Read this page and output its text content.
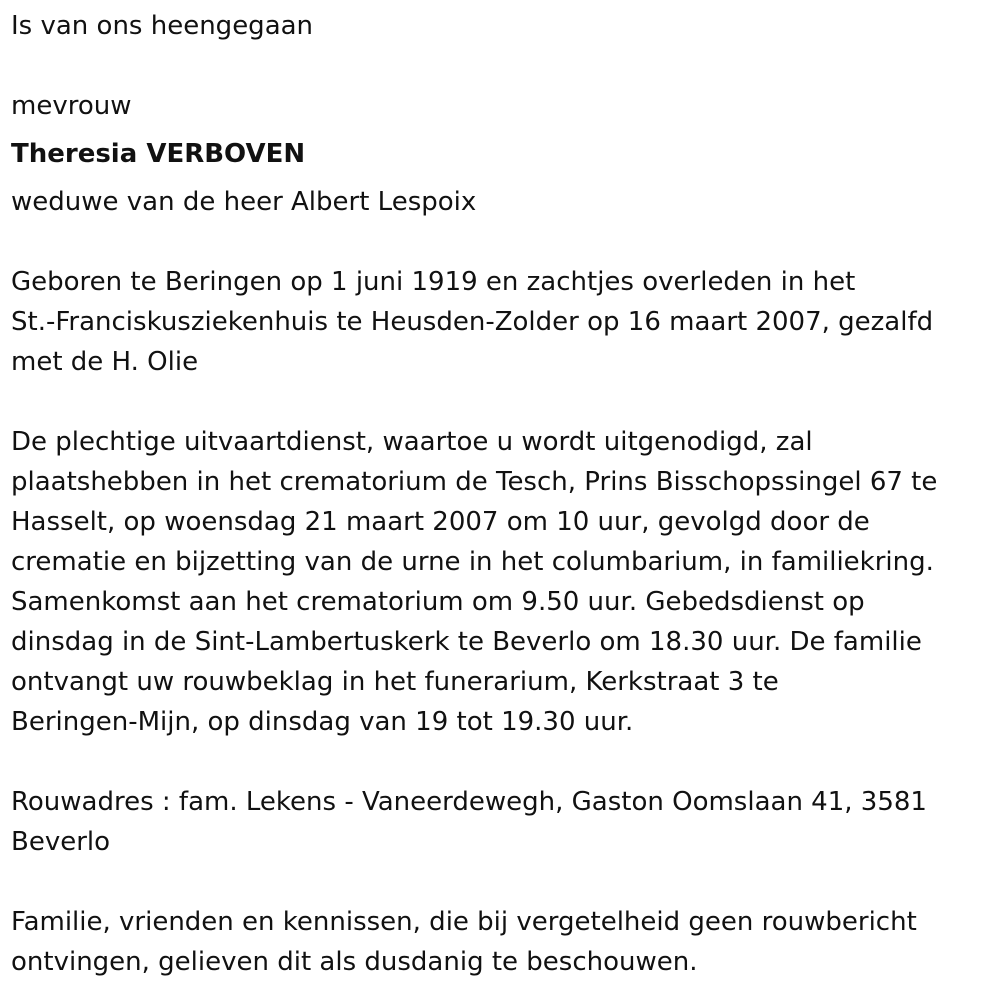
Is van ons heengegaan
mevrouw
Theresia VERBOVEN
weduwe van de heer Albert Lespoix
Geboren te Beringen op 1 juni 1919 en zachtjes overleden in het
St.-Franciskusziekenhuis te Heusden-Zolder op 16 maart 2007, gezalfd
met de H. Olie
De plechtige uitvaartdienst, waartoe u wordt uitgenodigd, zal
plaatshebben in het crematorium de Tesch, Prins Bisschopssingel 67 te
Hasselt, op woensdag 21 maart 2007 om 10 uur, gevolgd door de
crematie en bijzetting van de urne in het columbarium, in familiekring.
Samenkomst aan het crematorium om 9.50 uur. Gebedsdienst op
dinsdag in de Sint-Lambertuskerk te Beverlo om 18.30 uur. De familie
ontvangt uw rouwbeklag in het funerarium, Kerkstraat 3 te
Beringen-Mijn, op dinsdag van 19 tot 19.30 uur.
Rouwadres : fam. Lekens - Vaneerdewegh, Gaston Oomslaan 41, 3581
Beverlo
Familie, vrienden en kennissen, die bij vergetelheid geen rouwbericht
ontvingen, gelieven dit als dusdanig te beschouwen.
